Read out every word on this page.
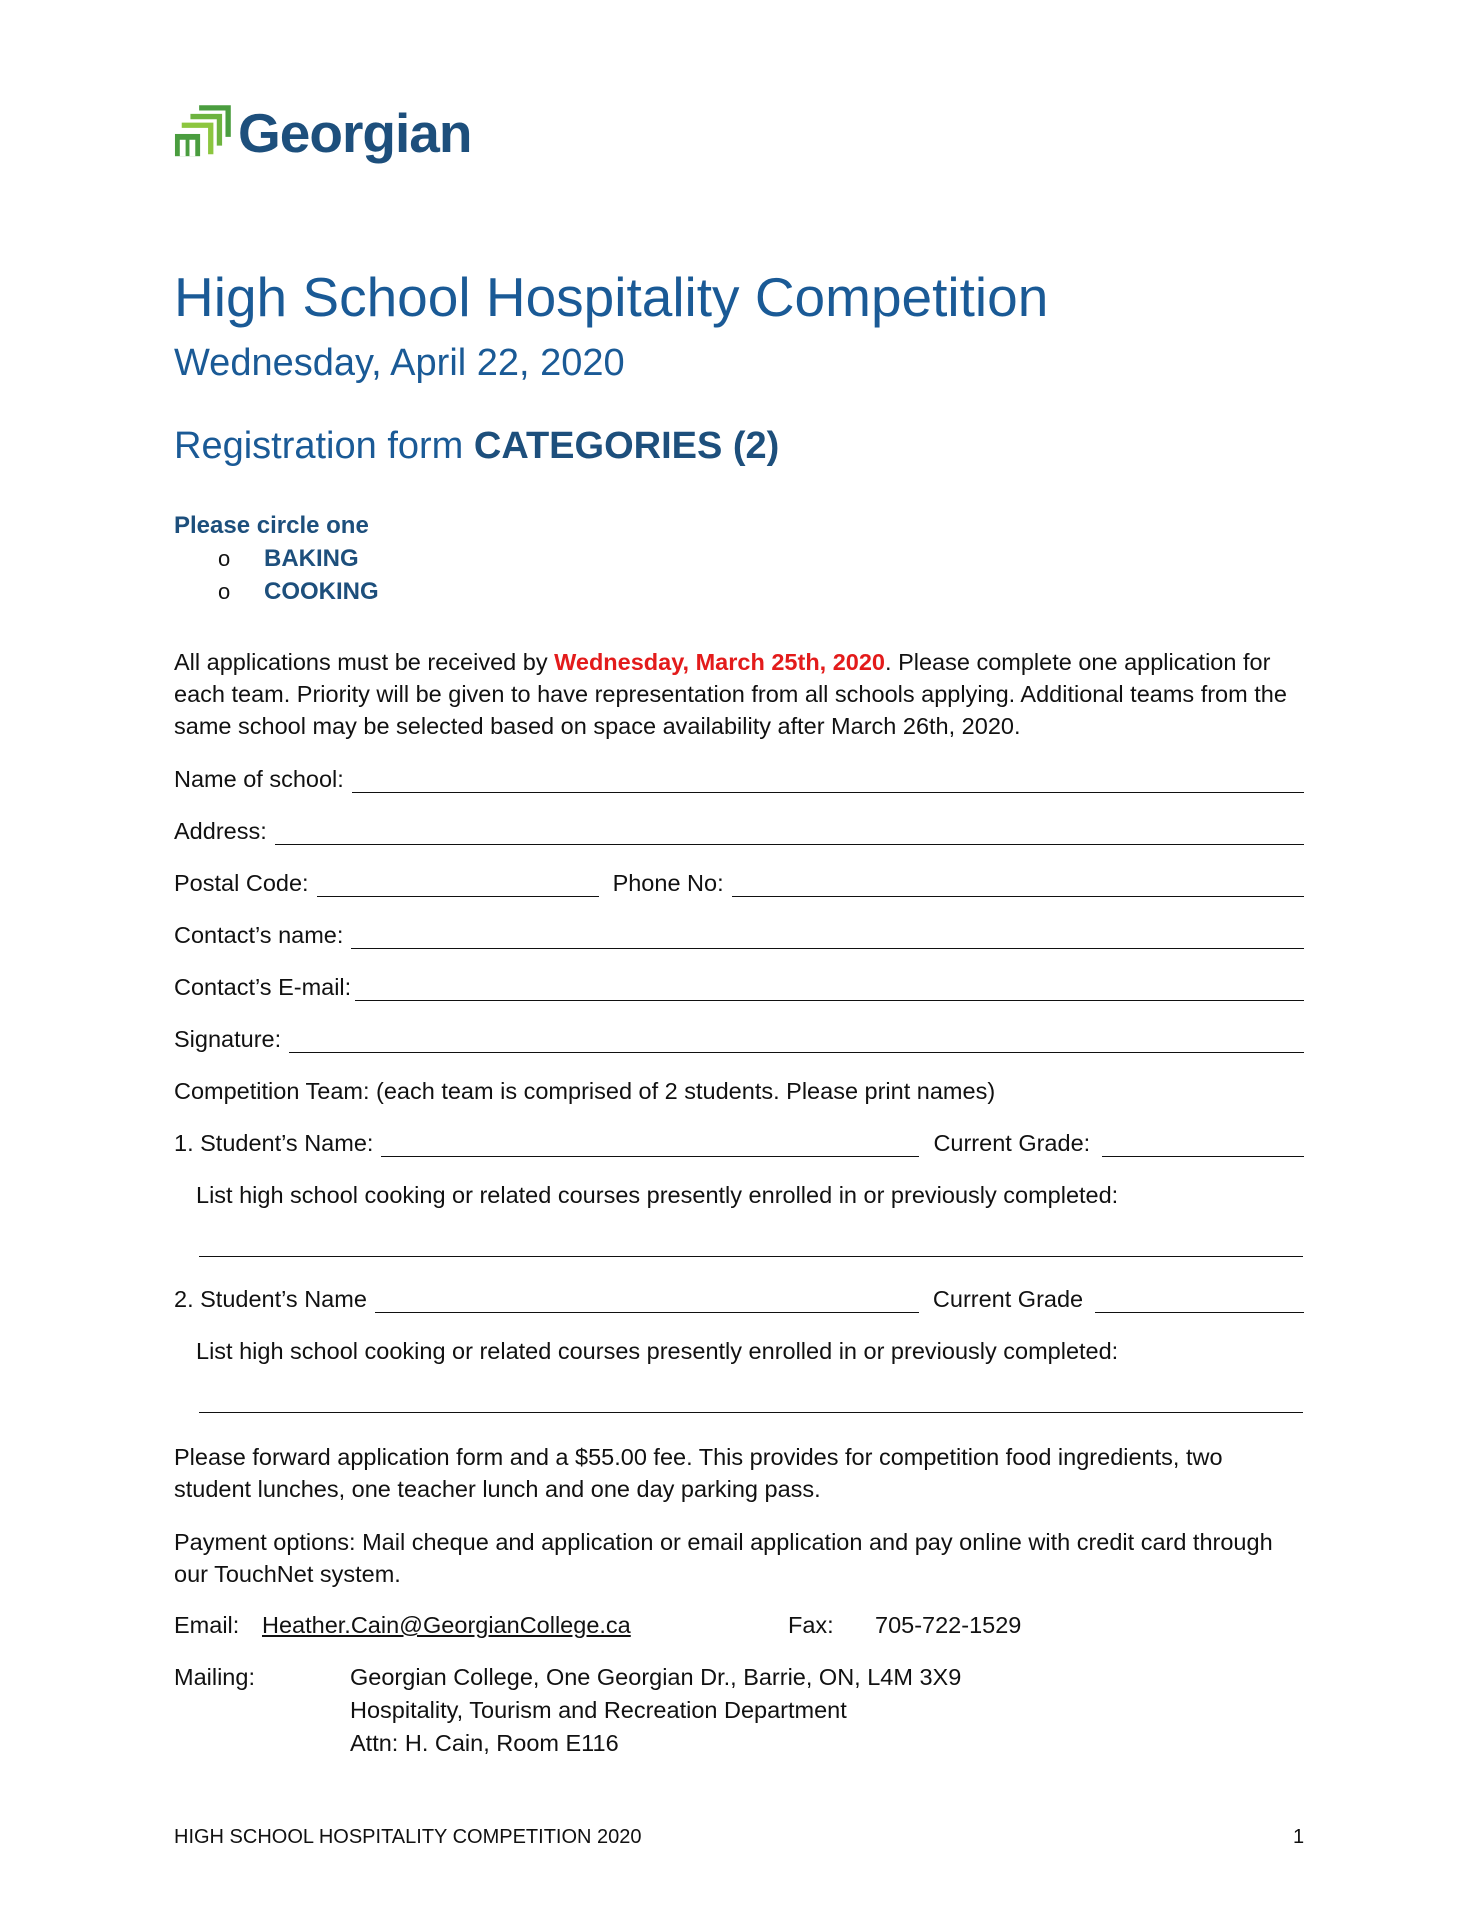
Georgian
High School Hospitality Competition
Wednesday, April 22, 2020
Registration form CATEGORIES (2)
Please circle one
o BAKING
o COOKING
All applications must be received by Wednesday, March 25th, 2020. Please complete one application for each team. Priority will be given to have representation from all schools applying. Additional teams from the same school may be selected based on space availability after March 26th, 2020.
Name of school:
Address:
Postal Code:	Phone No:
Contact’s name:
Contact’s E-mail:
Signature:
Competition Team: (each team is comprised of 2 students. Please print names)
1. Student’s Name:	Current Grade:
List high school cooking or related courses presently enrolled in or previously completed:
2. Student’s Name	Current Grade
List high school cooking or related courses presently enrolled in or previously completed:
Please forward application form and a $55.00 fee. This provides for competition food ingredients, two student lunches, one teacher lunch and one day parking pass.
Payment options: Mail cheque and application or email application and pay online with credit card through our TouchNet system.
Email: Heather.Cain@GeorgianCollege.ca	Fax: 705-722-1529
Mailing:	Georgian College, One Georgian Dr., Barrie, ON, L4M 3X9
Hospitality, Tourism and Recreation Department
Attn: H. Cain, Room E116
HIGH SCHOOL HOSPITALITY COMPETITION 2020	1
